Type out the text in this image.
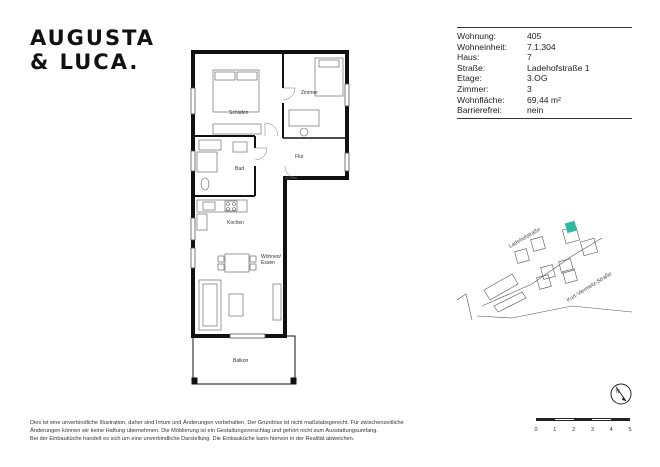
AUGUSTA
& LUCA.
Wohnung:	405
Wohneinheit:	7.1.304
Haus:	7
Straße:	Ladehofstraße 1
Etage:	3.OG
Zimmer:	3
Wohnfläche:	69,44 m²
Barrierefrei:	nein
Schlafen
Zimmer
Flur
Bad
Kochen
Wohnen/
Essen
Balkon
Ladehofstraße
Kurt-Viermetz-Straße
N
0	1	2	3	4	5
Dies ist eine unverbindliche Illustration, daher sind Irrtum und Änderungen vorbehalten. Der Grundriss ist nicht maßstabsgerecht. Für zwischenzeitliche
Änderungen können wir keine Haftung übernehmen. Die Möblierung ist ein Gestaltungsvorschlag und gehört nicht zum Ausstattungsumfang.
Bei der Einbauküche handelt es sich um eine unverbindliche Darstellung. Die Einbauküche kann hiervon in der Realität abweichen.
